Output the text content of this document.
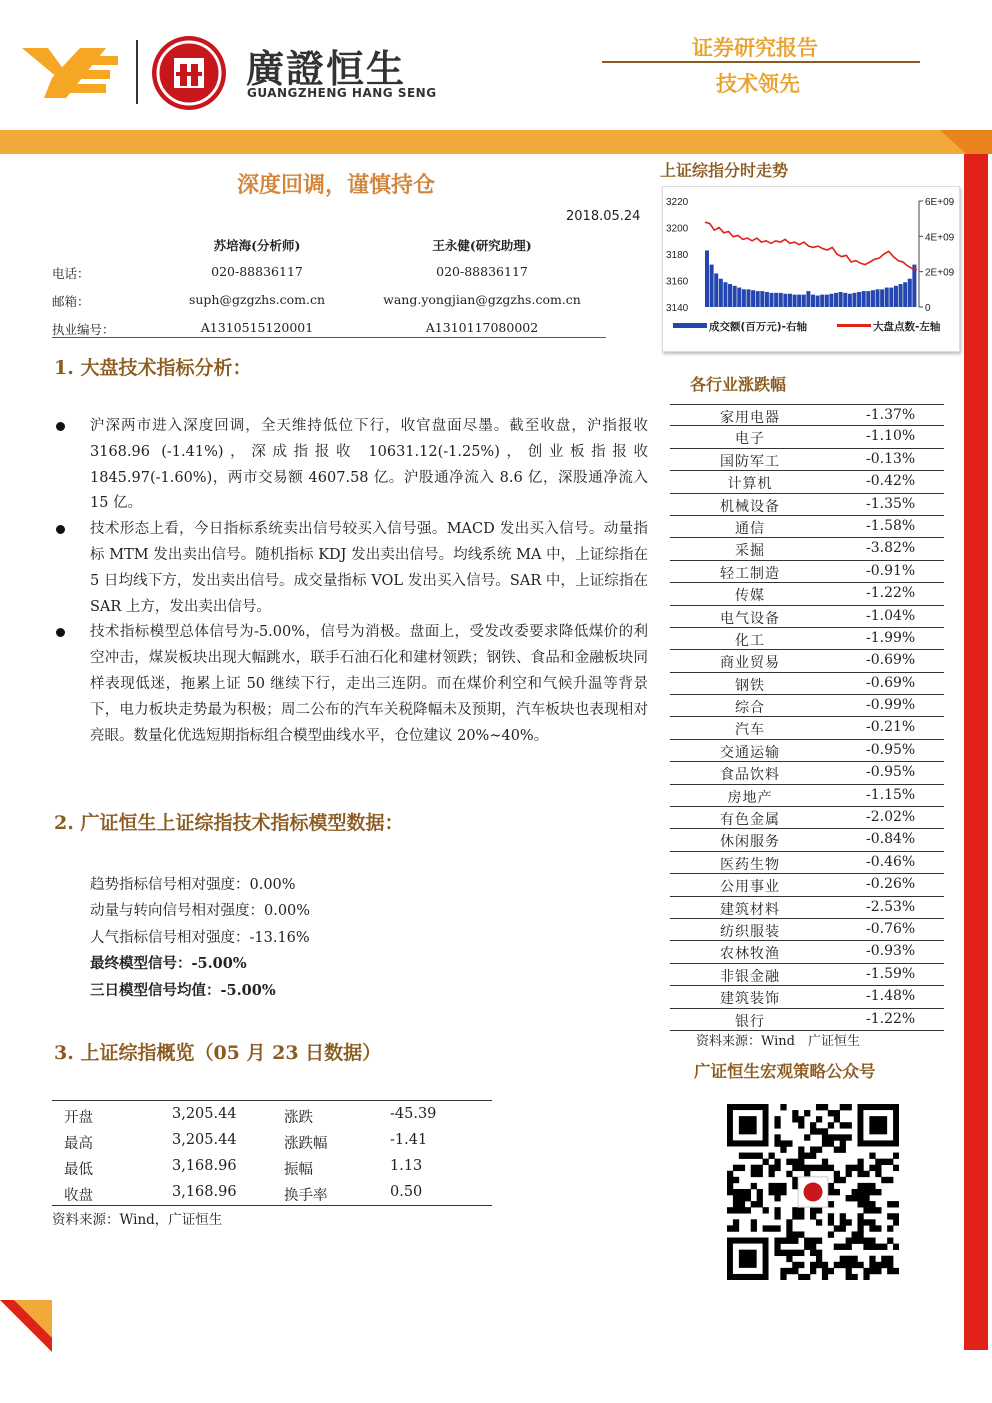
廣證恒生
GUANGZHENG HANG SENG
证券研究报告
技术领先
深度回调，谨慎持仓
2018.05.24
苏培海(分析师)	王永健(研究助理)
电话：	020-88836117	020-88836117
邮箱：	suph@gzgzhs.com.cn	wang.yongjian@gzgzhs.com.cn
执业编号：	A1310515120001	A1310117080002
1. 大盘技术指标分析：
沪深两市进入深度回调，全天维持低位下行，收官盘面尽墨。截至收盘，沪指报收 3168.96 (-1.41%)，深成指报收 10631.12(-1.25%)，创业板指报收 1845.97(-1.60%)，两市交易额 4607.58 亿。沪股通净流入 8.6 亿，深股通净流入 15 亿。
技术形态上看，今日指标系统卖出信号较买入信号强。MACD 发出买入信号。动量指标 MTM 发出卖出信号。随机指标 KDJ 发出卖出信号。均线系统 MA 中，上证综指在 5 日均线下方，发出卖出信号。成交量指标 VOL 发出买入信号。SAR 中，上证综指在 SAR 上方，发出卖出信号。
技术指标模型总体信号为-5.00%，信号为消极。盘面上，受发改委要求降低煤价的利空冲击，煤炭板块出现大幅跳水，联手石油石化和建材领跌；钢铁、食品和金融板块同样表现低迷，拖累上证 50 继续下行，走出三连阴。而在煤价利空和气候升温等背景下，电力板块走势最为积极；周二公布的汽车关税降幅未及预期，汽车板块也表现相对亮眼。数量化优选短期指标组合模型曲线水平，仓位建议 20%~40%。
2. 广证恒生上证综指技术指标模型数据：
趋势指标信号相对强度：0.00%
动量与转向信号相对强度：0.00%
人气指标信号相对强度：-13.16%
最终模型信号：-5.00%
三日模型信号均值：-5.00%
3. 上证综指概览（05 月 23 日数据）
开盘	3,205.44	涨跌	-45.39
最高	3,205.44	涨跌幅	-1.41
最低	3,168.96	振幅	1.13
收盘	3,168.96	换手率	0.50
资料来源：Wind，广证恒生
上证综指分时走势
3220
3200
3180
3160
3140
6E+09
4E+09
2E+09
0
成交额(百万元)-右轴	大盘点数-左轴
各行业涨跌幅
家用电器	-1.37%
电子	-1.10%
国防军工	-0.13%
计算机	-0.42%
机械设备	-1.35%
通信	-1.58%
采掘	-3.82%
轻工制造	-0.91%
传媒	-1.22%
电气设备	-1.04%
化工	-1.99%
商业贸易	-0.69%
钢铁	-0.69%
综合	-0.99%
汽车	-0.21%
交通运输	-0.95%
食品饮料	-0.95%
房地产	-1.15%
有色金属	-2.02%
休闲服务	-0.84%
医药生物	-0.46%
公用事业	-0.26%
建筑材料	-2.53%
纺织服装	-0.76%
农林牧渔	-0.93%
非银金融	-1.59%
建筑装饰	-1.48%
银行	-1.22%
资料来源：Wind　广证恒生
广证恒生宏观策略公众号
